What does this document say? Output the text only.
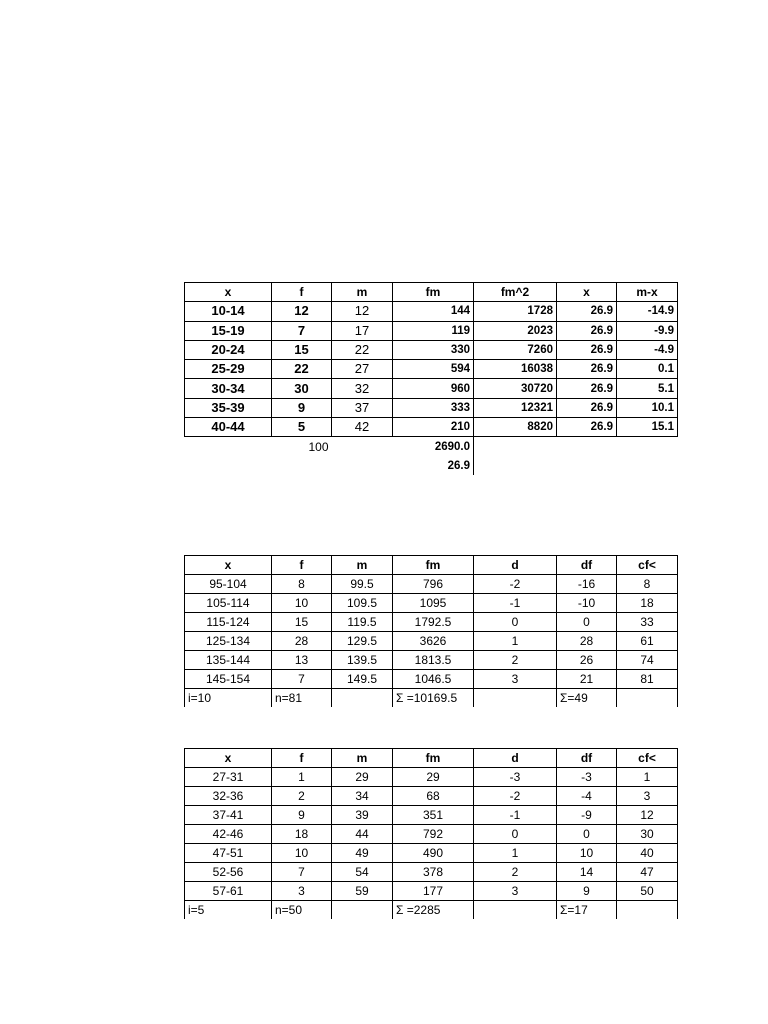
x	f	m	fm	fm^2	x	m-x
10-14	12	12	144	1728	26.9	-14.9
15-19	7	17	119	2023	26.9	-9.9
20-24	15	22	330	7260	26.9	-4.9
25-29	22	27	594	16038	26.9	0.1
30-34	30	32	960	30720	26.9	5.1
35-39	9	37	333	12321	26.9	10.1
40-44	5	42	210	8820	26.9	15.1
	100		2690.0			
			26.9			
x	f	m	fm	d	df	cf<
95-104	8	99.5	796	-2	-16	8
105-114	10	109.5	1095	-1	-10	18
115-124	15	119.5	1792.5	0	0	33
125-134	28	129.5	3626	1	28	61
135-144	13	139.5	1813.5	2	26	74
145-154	7	149.5	1046.5	3	21	81
i=10	n=81		Σ =10169.5		Σ=49	
x	f	m	fm	d	df	cf<
27-31	1	29	29	-3	-3	1
32-36	2	34	68	-2	-4	3
37-41	9	39	351	-1	-9	12
42-46	18	44	792	0	0	30
47-51	10	49	490	1	10	40
52-56	7	54	378	2	14	47
57-61	3	59	177	3	9	50
i=5	n=50		Σ =2285		Σ=17	
